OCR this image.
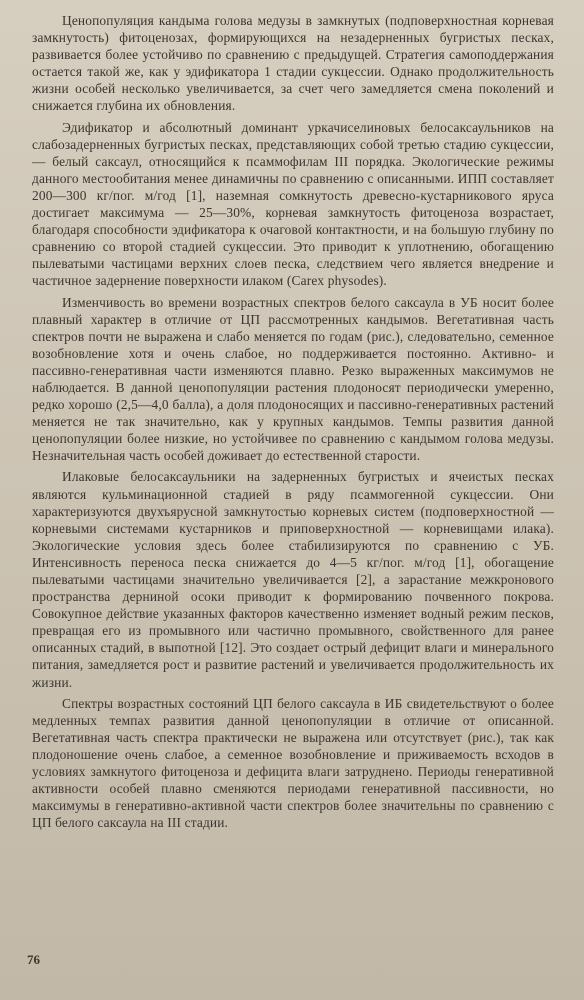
Ценопопуляция кандыма голова медузы в замкнутых (подповерхностная корневая замкнутость) фитоценозах, формирующихся на незадерненных бугристых песках, развивается более устойчиво по сравнению с предыдущей. Стратегия самоподдержания остается такой же, как у эдификатора 1 стадии сукцессии. Однако продолжительность жизни особей несколько увеличивается, за счет чего замедляется смена поколений и снижается глубина их обновления.

Эдификатор и абсолютный доминант уркачиселиновых белосаксаульников на слабозадерненных бугристых песках, представляющих собой третью стадию сукцессии, — белый саксаул, относящийся к псаммофилам III порядка. Экологические режимы данного местообитания менее динамичны по сравнению с описанными. ИПП составляет 200—300 кг/пог. м/год [1], наземная сомкнутость древесно-кустарникового яруса достигает максимума — 25—30%, корневая замкнутость фитоценоза возрастает, благодаря способности эдификатора к очаговой контактности, и на большую глубину по сравнению со второй стадией сукцессии. Это приводит к уплотнению, обогащению пылеватыми частицами верхних слоев песка, следствием чего является внедрение и частичное задернение поверхности илаком (Carex physodes).

Изменчивость во времени возрастных спектров белого саксаула в УБ носит более плавный характер в отличие от ЦП рассмотренных кандымов. Вегетативная часть спектров почти не выражена и слабо меняется по годам (рис.), следовательно, семенное возобновление хотя и очень слабое, но поддерживается постоянно. Активно- и пассивно-генеративная части изменяются плавно. Резко выраженных максимумов не наблюдается. В данной ценопопуляции растения плодоносят периодически умеренно, редко хорошо (2,5—4,0 балла), а доля плодоносящих и пассивно-генеративных растений меняется не так значительно, как у крупных кандымов. Темпы развития данной ценопопуляции более низкие, но устойчивее по сравнению с кандымом голова медузы. Незначительная часть особей доживает до естественной старости.

Илаковые белосаксаульники на задерненных бугристых и ячеистых песках являются кульминационной стадией в ряду псаммогенной сукцессии. Они характеризуются двухъярусной замкнутостью корневых систем (подповерхностной — корневыми системами кустарников и приповерхностной — корневищами илака). Экологические условия здесь более стабилизируются по сравнению с УБ. Интенсивность переноса песка снижается до 4—5 кг/пог. м/год [1], обогащение пылеватыми частицами значительно увеличивается [2], а зарастание межкронового пространства дерниной осоки приводит к формированию почвенного покрова. Совокупное действие указанных факторов качественно изменяет водный режим песков, превращая его из промывного или частично промывного, свойственного для ранее описанных стадий, в выпотной [12]. Это создает острый дефицит влаги и минерального питания, замедляется рост и развитие растений и увеличивается продолжительность их жизни.

Спектры возрастных состояний ЦП белого саксаула в ИБ свидетельствуют о более медленных темпах развития данной ценопопуляции в отличие от описанной. Вегетативная часть спектра практически не выражена или отсутствует (рис.), так как плодоношение очень слабое, а семенное возобновление и приживаемость всходов в условиях замкнутого фитоценоза и дефицита влаги затруднено. Периоды генеративной активности особей плавно сменяются периодами генеративной пассивности, но максимумы в генеративно-активной части спектров более значительны по сравнению с ЦП белого саксаула на III стадии.

76
